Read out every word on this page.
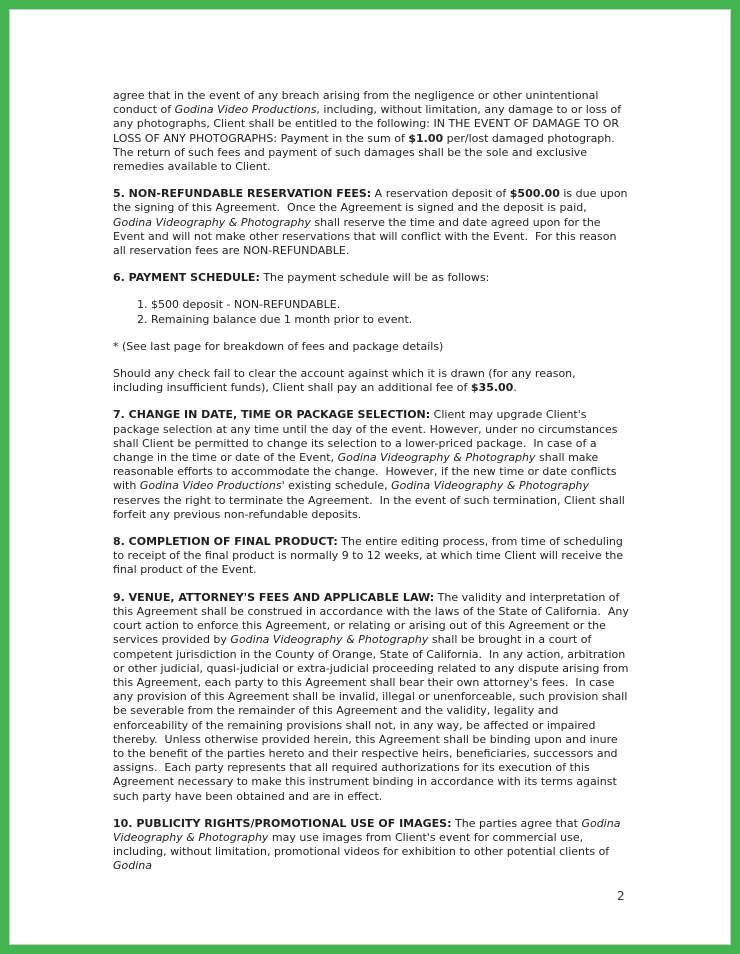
agree that in the event of any breach arising from the negligence or other unintentional conduct of Godina Video Productions, including, without limitation, any damage to or loss of any photographs, Client shall be entitled to the following: IN THE EVENT OF DAMAGE TO OR LOSS OF ANY PHOTOGRAPHS: Payment in the sum of $1.00 per/lost damaged photograph.  The return of such fees and payment of such damages shall be the sole and exclusive remedies available to Client.

5. NON-REFUNDABLE RESERVATION FEES: A reservation deposit of $500.00 is due upon the signing of this Agreement.  Once the Agreement is signed and the deposit is paid, Godina Videography & Photography shall reserve the time and date agreed upon for the Event and will not make other reservations that will conflict with the Event.  For this reason all reservation fees are NON-REFUNDABLE.

6. PAYMENT SCHEDULE: The payment schedule will be as follows:

1. $500 deposit - NON-REFUNDABLE.
2. Remaining balance due 1 month prior to event.

* (See last page for breakdown of fees and package details)

Should any check fail to clear the account against which it is drawn (for any reason, including insufficient funds), Client shall pay an additional fee of $35.00.

7. CHANGE IN DATE, TIME OR PACKAGE SELECTION: Client may upgrade Client's package selection at any time until the day of the event. However, under no circumstances shall Client be permitted to change its selection to a lower-priced package.  In case of a change in the time or date of the Event, Godina Videography & Photography shall make reasonable efforts to accommodate the change.  However, if the new time or date conflicts with Godina Video Productions' existing schedule, Godina Videography & Photography reserves the right to terminate the Agreement.  In the event of such termination, Client shall forfeit any previous non-refundable deposits.

8. COMPLETION OF FINAL PRODUCT: The entire editing process, from time of scheduling to receipt of the final product is normally 9 to 12 weeks, at which time Client will receive the final product of the Event.

9. VENUE, ATTORNEY'S FEES AND APPLICABLE LAW: The validity and interpretation of this Agreement shall be construed in accordance with the laws of the State of California.  Any court action to enforce this Agreement, or relating or arising out of this Agreement or the services provided by Godina Videography & Photography shall be brought in a court of competent jurisdiction in the County of Orange, State of California.  In any action, arbitration or other judicial, quasi-judicial or extra-judicial proceeding related to any dispute arising from this Agreement, each party to this Agreement shall bear their own attorney's fees.  In case any provision of this Agreement shall be invalid, illegal or unenforceable, such provision shall be severable from the remainder of this Agreement and the validity, legality and enforceability of the remaining provisions shall not, in any way, be affected or impaired thereby.  Unless otherwise provided herein, this Agreement shall be binding upon and inure to the benefit of the parties hereto and their respective heirs, beneficiaries, successors and assigns.  Each party represents that all required authorizations for its execution of this Agreement necessary to make this instrument binding in accordance with its terms against such party have been obtained and are in effect.

10. PUBLICITY RIGHTS/PROMOTIONAL USE OF IMAGES: The parties agree that Godina Videography & Photography may use images from Client's event for commercial use, including, without limitation, promotional videos for exhibition to other potential clients of Godina

2
